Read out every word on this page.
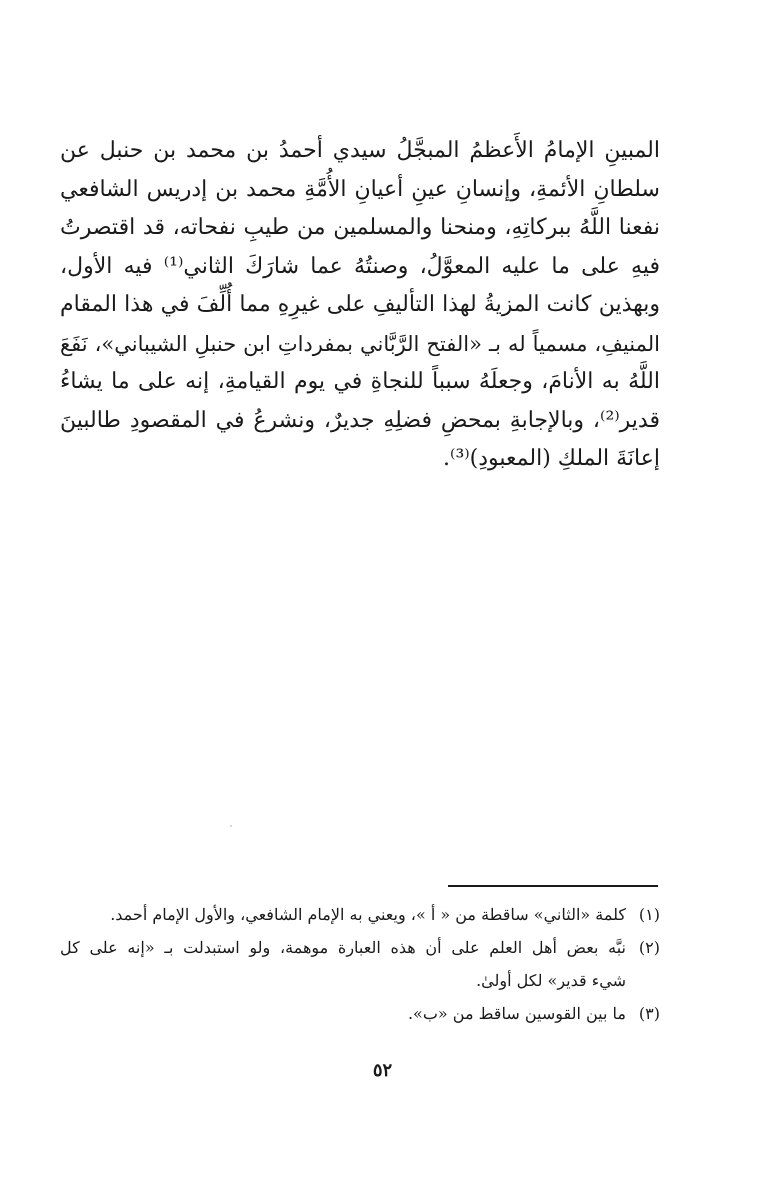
المبينِ الإمامُ الأَعظمُ المبجَّلُ سيدي أحمدُ بن محمد بن حنبل عن
سلطانِ الأئمةِ، وإنسانِ عينِ أعيانِ الأُمَّةِ محمد بن إدريس الشافعي
نفعنا اللَّهُ ببركاتِهِ، ومنحنا والمسلمين من طيبِ نفحاته، قد اقتصرتُ
فيهِ على ما عليه المعوَّلُ، وصنتُهُ عما شارَكَ الثاني⁽¹⁾ فيه الأول،
وبهذين كانت المزيةُ لهذا التأليفِ على غيرِهِ مما أُلِّفَ في هذا المقام
المنيفِ، مسمياً له بـ «الفتح الرَّبَّاني بمفرداتِ ابن حنبلِ الشيباني»، نَفَعَ
اللَّهُ به الأنامَ، وجعلَهُ سبباً للنجاةِ في يوم القيامةِ، إنه على ما يشاءُ
قدير⁽²⁾، وبالإجابةِ بمحضِ فضلِهِ جديرٌ، ونشرعُ في المقصودِ طالبينَ
إعانَةَ الملكِ (المعبودِ)⁽³⁾.
(١)
كلمة «الثاني» ساقطة من « أ »، ويعني به الإمام الشافعي، والأول الإمام أحمد.
(٢)
نبَّه بعض أهل العلم على أن هذه العبارة موهمة، ولو استبدلت بـ «إنه على كل
شيء قدير» لكل أولىٰ.
(٣)
ما بين القوسين ساقط من «ب».
٥٢
